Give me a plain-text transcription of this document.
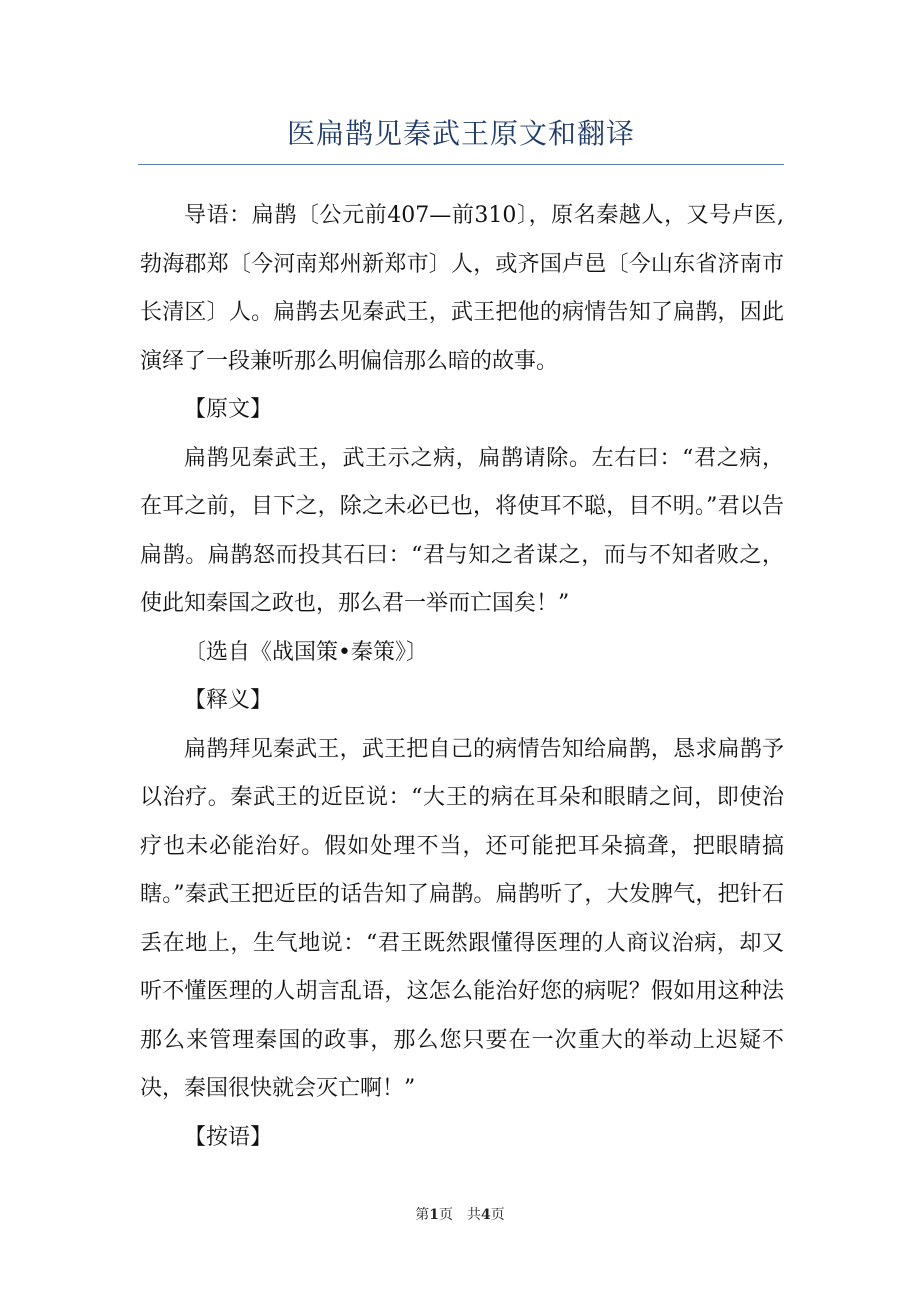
医扁鹊见秦武王原文和翻译

导语：扁鹊〔公元前407—前310〕，原名秦越人，又号卢医,勃海郡郑〔今河南郑州新郑市〕人，或齐国卢邑〔今山东省济南市长清区〕人。扁鹊去见秦武王，武王把他的病情告知了扁鹊，因此演绎了一段兼听那么明偏信那么暗的故事。

【原文】

扁鹊见秦武王，武王示之病，扁鹊请除。左右曰：“君之病，在耳之前，目下之，除之未必已也，将使耳不聪，目不明。”君以告扁鹊。扁鹊怒而投其石曰：“君与知之者谋之，而与不知者败之，使此知秦国之政也，那么君一举而亡国矣！”

〔选自《战国策•秦策》〕

【释义】

扁鹊拜见秦武王，武王把自己的病情告知给扁鹊，恳求扁鹊予以治疗。秦武王的近臣说：“大王的病在耳朵和眼睛之间，即使治疗也未必能治好。假如处理不当，还可能把耳朵搞聋，把眼睛搞瞎。”秦武王把近臣的话告知了扁鹊。扁鹊听了，大发脾气，把针石丢在地上，生气地说：“君王既然跟懂得医理的人商议治病，却又听不懂医理的人胡言乱语，这怎么能治好您的病呢？假如用这种法那么来管理秦国的政事，那么您只要在一次重大的举动上迟疑不决，秦国很快就会灭亡啊！”

【按语】

第1页 共4页
